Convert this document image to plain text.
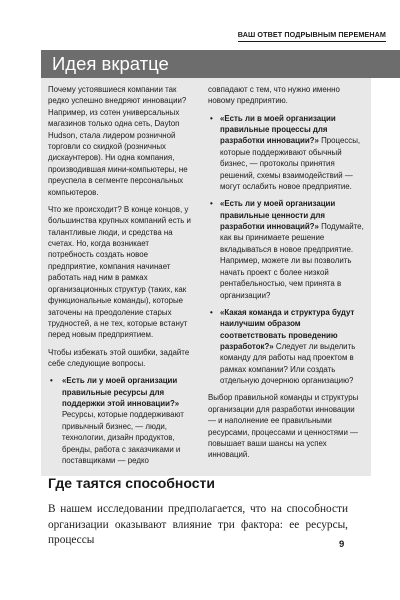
ВАШ ОТВЕТ ПОДРЫВНЫМ ПЕРЕМЕНАМ
Идея вкратце

Почему устоявшиеся компании так редко успешно внедряют инновации? Например, из сотен универсальных магазинов только одна сеть, Dayton Hudson, стала лидером розничной торговли со скидкой (розничных дискаунтеров). Ни одна компания, производившая мини-компьютеры, не преуспела в сегменте персональных компьютеров.

Что же происходит? В конце концов, у большинства крупных компаний есть и талантливые люди, и средства на счетах. Но, когда возникает потребность создать новое предприятие, компания начинает работать над ним в рамках организационных структур (таких, как функциональные команды), которые заточены на преодоление старых трудностей, а не тех, которые встанут перед новым предприятием.

Чтобы избежать этой ошибки, задайте себе следующие вопросы.

• «Есть ли у моей организации правильные ресурсы для поддержки этой инновации?» Ресурсы, которые поддерживают привычный бизнес, — люди, технологии, дизайн продуктов, бренды, работа с заказчиками и поставщиками — редко

совпадают с тем, что нужно именно новому предприятию.

• «Есть ли в моей организации правильные процессы для разработки инновации?» Процессы, которые поддерживают обычный бизнес, — протоколы принятия решений, схемы взаимодействий — могут ослабить новое предприятие.
• «Есть ли у моей организации правильные ценности для разработки инноваций?» Подумайте, как вы принимаете решение вкладываться в новое предприятие. Например, можете ли вы позволить начать проект с более низкой рентабельностью, чем принята в организации?
• «Какая команда и структура будут наилучшим образом соответствовать проведению разработок?» Следует ли выделить команду для работы над проектом в рамках компании? Или создать отдельную дочернюю организацию?

Выбор правильной команды и структуры организации для разработки инновации — и наполнение ее правильными ресурсами, процессами и ценностями — повышает ваши шансы на успех инноваций.

Где таятся способности
В нашем исследовании предполагается, что на способности организации оказывают влияние три фактора: ее ресурсы, процессы	9
